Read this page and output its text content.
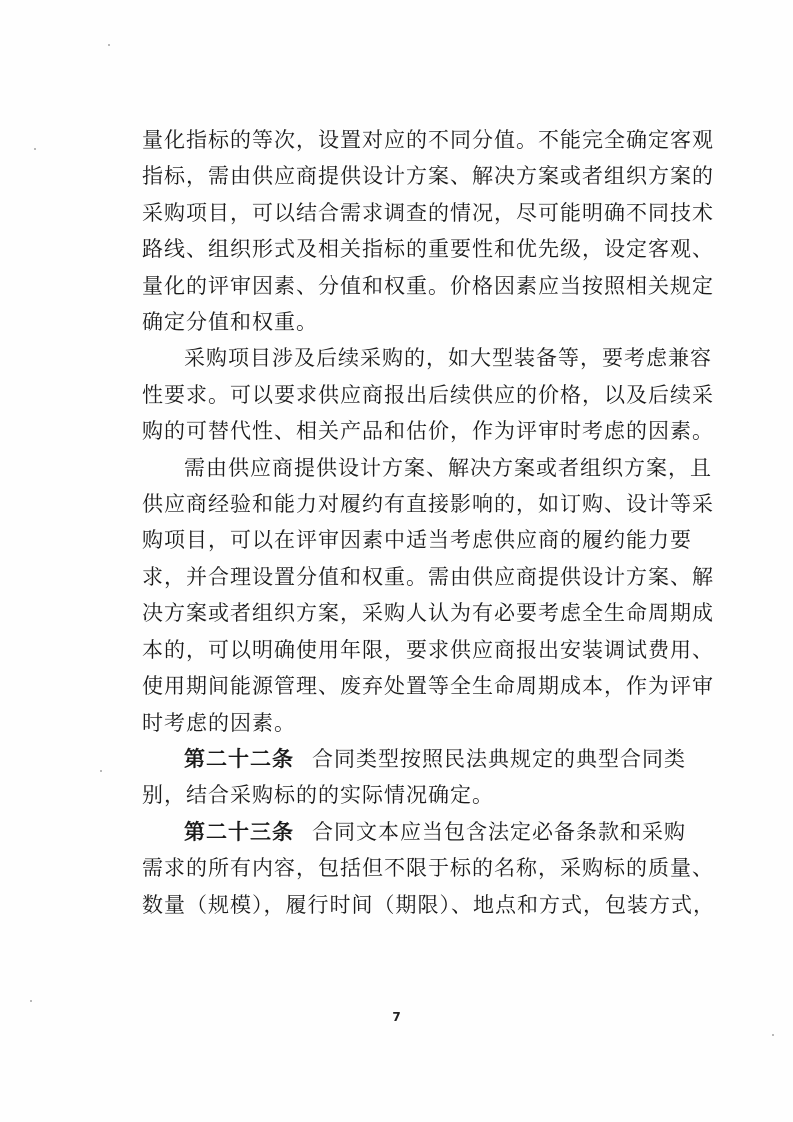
量化指标的等次，设置对应的不同分值。不能完全确定客观
指标，需由供应商提供设计方案、解决方案或者组织方案的
采购项目，可以结合需求调查的情况，尽可能明确不同技术
路线、组织形式及相关指标的重要性和优先级，设定客观、
量化的评审因素、分值和权重。价格因素应当按照相关规定
确定分值和权重。

采购项目涉及后续采购的，如大型装备等，要考虑兼容
性要求。可以要求供应商报出后续供应的价格，以及后续采
购的可替代性、相关产品和估价，作为评审时考虑的因素。

需由供应商提供设计方案、解决方案或者组织方案，且
供应商经验和能力对履约有直接影响的，如订购、设计等采
购项目，可以在评审因素中适当考虑供应商的履约能力要
求，并合理设置分值和权重。需由供应商提供设计方案、解
决方案或者组织方案，采购人认为有必要考虑全生命周期成
本的，可以明确使用年限，要求供应商报出安装调试费用、
使用期间能源管理、废弃处置等全生命周期成本，作为评审
时考虑的因素。

第二十二条 合同类型按照民法典规定的典型合同类
别，结合采购标的的实际情况确定。

第二十三条 合同文本应当包含法定必备条款和采购
需求的所有内容，包括但不限于标的名称，采购标的质量、
数量（规模），履行时间（期限）、地点和方式，包装方式，

7
